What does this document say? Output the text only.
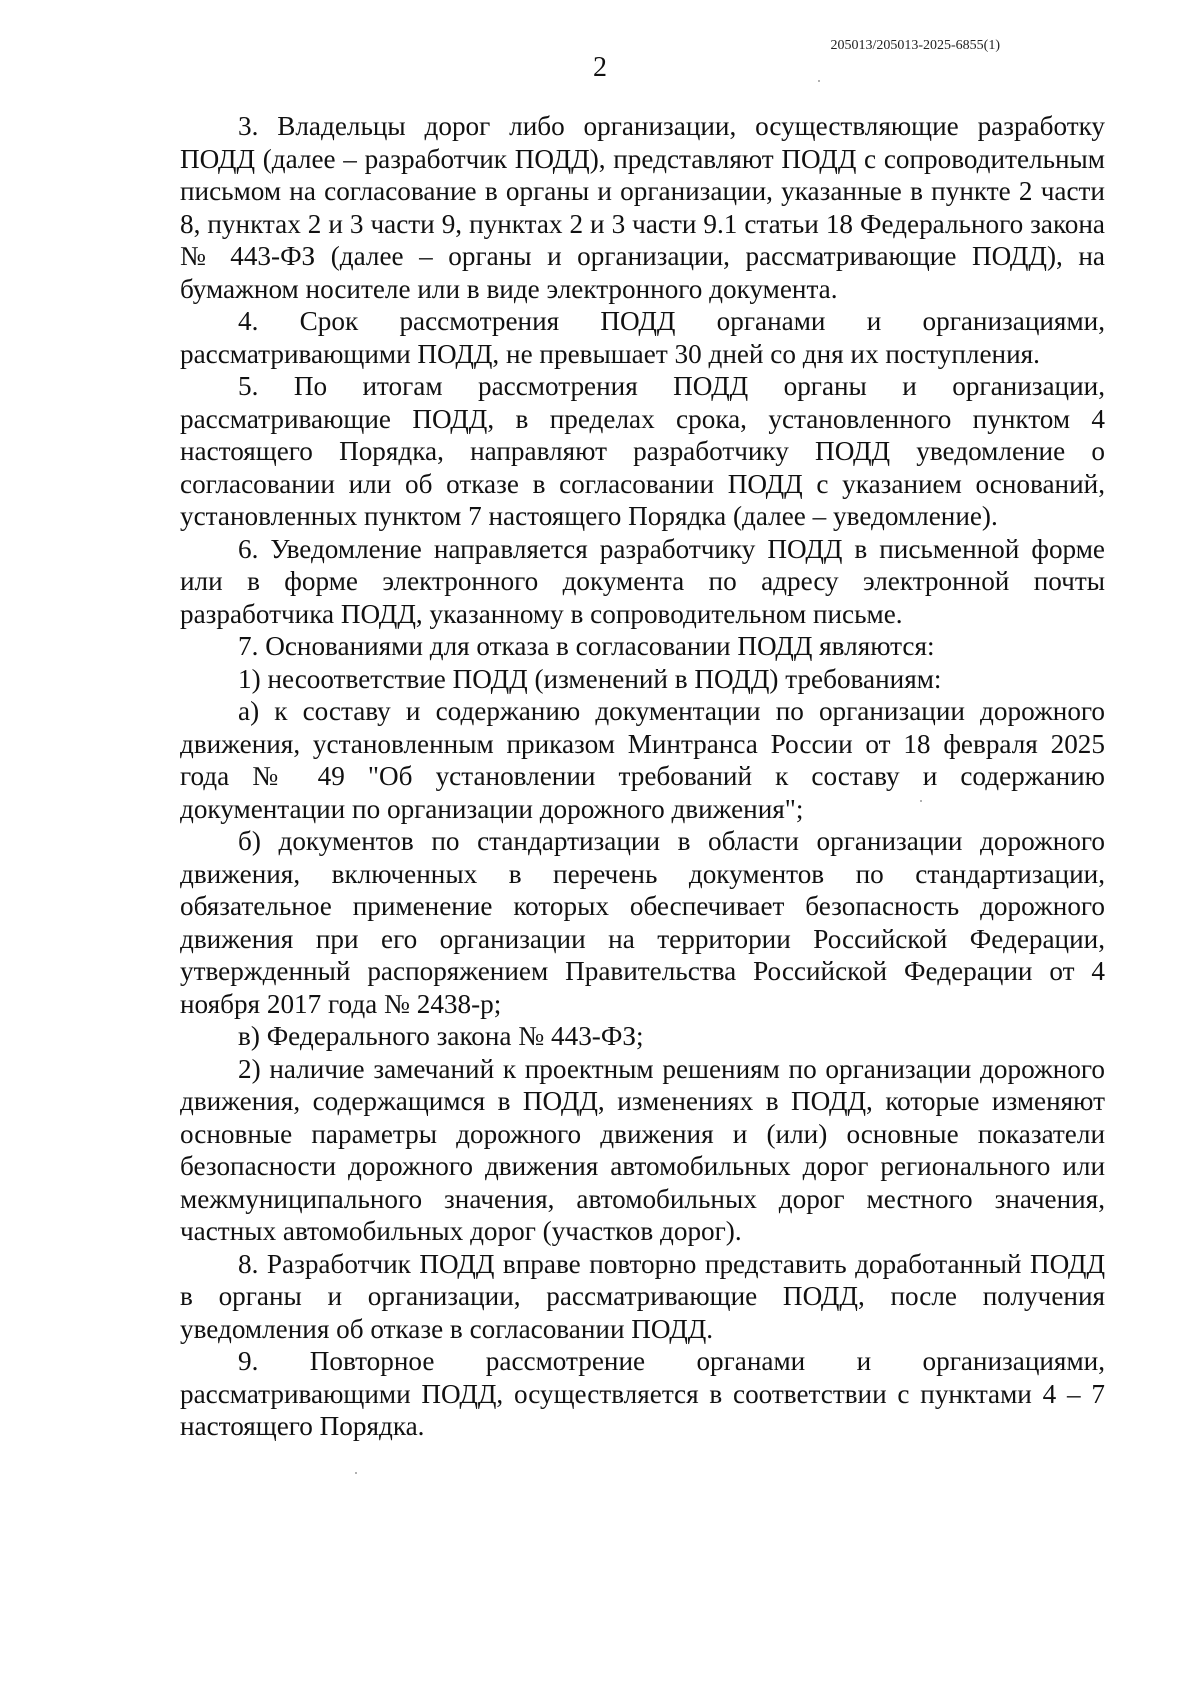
205013/205013-2025-6855(1)
2

3. Владельцы дорог либо организации, осуществляющие разработку ПОДД (далее – разработчик ПОДД), представляют ПОДД с сопроводительным письмом на согласование в органы и организации, указанные в пункте 2 части 8, пунктах 2 и 3 части 9, пунктах 2 и 3 части 9.1 статьи 18 Федерального закона № 443-ФЗ (далее – органы и организации, рассматривающие ПОДД), на бумажном носителе или в виде электронного документа.

4. Срок рассмотрения ПОДД органами и организациями, рассматривающими ПОДД, не превышает 30 дней со дня их поступления.

5. По итогам рассмотрения ПОДД органы и организации, рассматривающие ПОДД, в пределах срока, установленного пунктом 4 настоящего Порядка, направляют разработчику ПОДД уведомление о согласовании или об отказе в согласовании ПОДД с указанием оснований, установленных пунктом 7 настоящего Порядка (далее – уведомление).

6. Уведомление направляется разработчику ПОДД в письменной форме или в форме электронного документа по адресу электронной почты разработчика ПОДД, указанному в сопроводительном письме.

7. Основаниями для отказа в согласовании ПОДД являются:

1) несоответствие ПОДД (изменений в ПОДД) требованиям:

а) к составу и содержанию документации по организации дорожного движения, установленным приказом Минтранса России от 18 февраля 2025 года № 49 "Об установлении требований к составу и содержанию документации по организации дорожного движения";

б) документов по стандартизации в области организации дорожного движения, включенных в перечень документов по стандартизации, обязательное применение которых обеспечивает безопасность дорожного движения при его организации на территории Российской Федерации, утвержденный распоряжением Правительства Российской Федерации от 4 ноября 2017 года № 2438-р;

в) Федерального закона № 443-ФЗ;

2) наличие замечаний к проектным решениям по организации дорожного движения, содержащимся в ПОДД, изменениях в ПОДД, которые изменяют основные параметры дорожного движения и (или) основные показатели безопасности дорожного движения автомобильных дорог регионального или межмуниципального значения, автомобильных дорог местного значения, частных автомобильных дорог (участков дорог).

8. Разработчик ПОДД вправе повторно представить доработанный ПОДД в органы и организации, рассматривающие ПОДД, после получения уведомления об отказе в согласовании ПОДД.

9. Повторное рассмотрение органами и организациями, рассматривающими ПОДД, осуществляется в соответствии с пунктами 4 – 7 настоящего Порядка.
